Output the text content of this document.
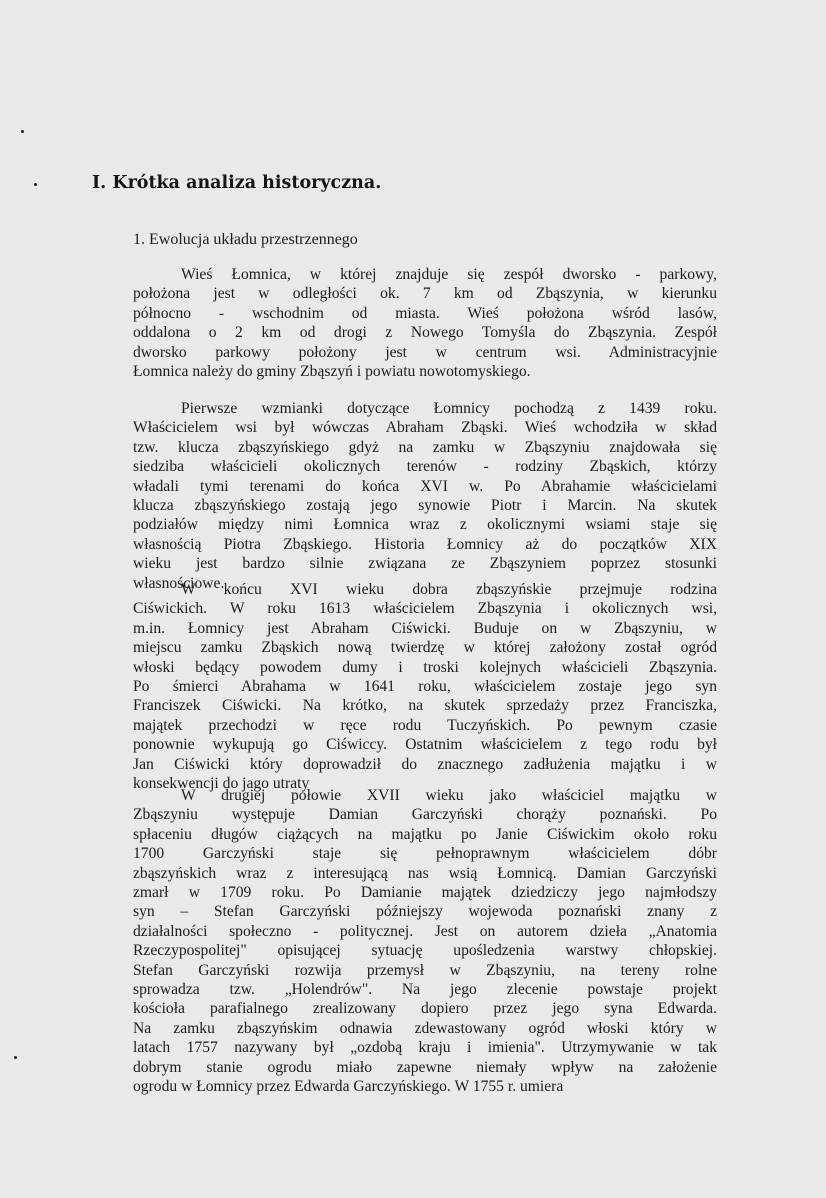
I. Krótka analiza historyczna.
1. Ewolucja układu przestrzennego
Wieś Łomnica, w której znajduje się zespół dworsko - parkowy,
położona jest w odległości ok. 7 km od Zbąszynia, w kierunku
północno - wschodnim od miasta. Wieś położona wśród lasów,
oddalona o 2 km od drogi z Nowego Tomyśla do Zbąszynia. Zespół
dworsko parkowy położony jest w centrum wsi. Administracyjnie
Łomnica należy do gminy Zbąszyń i powiatu nowotomyskiego.
Pierwsze wzmianki dotyczące Łomnicy pochodzą z 1439 roku.
Właścicielem wsi był wówczas Abraham Zbąski. Wieś wchodziła w skład
tzw. klucza zbąszyńskiego gdyż na zamku w Zbąszyniu znajdowała się
siedziba właścicieli okolicznych terenów - rodziny Zbąskich, którzy
władali tymi terenami do końca XVI w. Po Abrahamie właścicielami
klucza zbąszyńskiego zostają jego synowie Piotr i Marcin. Na skutek
podziałów między nimi Łomnica wraz z okolicznymi wsiami staje się
własnością Piotra Zbąskiego. Historia Łomnicy aż do początków XIX
wieku jest bardzo silnie związana ze Zbąszyniem poprzez stosunki
własnościowe.
W końcu XVI wieku dobra zbąszyńskie przejmuje rodzina
Ciświckich. W roku 1613 właścicielem Zbąszynia i okolicznych wsi,
m.in. Łomnicy jest Abraham Ciświcki. Buduje on w Zbąszyniu, w
miejscu zamku Zbąskich nową twierdzę w której założony został ogród
włoski będący powodem dumy i troski kolejnych właścicieli Zbąszynia.
Po śmierci Abrahama w 1641 roku, właścicielem zostaje jego syn
Franciszek Ciświcki. Na krótko, na skutek sprzedaży przez Franciszka,
majątek przechodzi w ręce rodu Tuczyńskich. Po pewnym czasie
ponownie wykupują go Ciświccy. Ostatnim właścicielem z tego rodu był
Jan Ciświcki który doprowadził do znacznego zadłużenia majątku i w
konsekwencji do jago utraty
W drugiej połowie XVII wieku jako właściciel majątku w
Zbąszyniu występuje Damian Garczyński chorąży poznański. Po
spłaceniu długów ciążących na majątku po Janie Ciświckim około roku
1700 Garczyński staje się pełnoprawnym właścicielem dóbr
zbąszyńskich wraz z interesującą nas wsią Łomnicą. Damian Garczyński
zmarł w 1709 roku. Po Damianie majątek dziedziczy jego najmłodszy
syn – Stefan Garczyński późniejszy wojewoda poznański znany z
działalności społeczno - politycznej. Jest on autorem dzieła „Anatomia
Rzeczypospolitej" opisującej sytuację upośledzenia warstwy chłopskiej.
Stefan Garczyński rozwija przemysł w Zbąszyniu, na tereny rolne
sprowadza tzw. „Holendrów". Na jego zlecenie powstaje projekt
kościoła parafialnego zrealizowany dopiero przez jego syna Edwarda.
Na zamku zbąszyńskim odnawia zdewastowany ogród włoski który w
latach 1757 nazywany był „ozdobą kraju i imienia". Utrzymywanie w tak
dobrym stanie ogrodu miało zapewne niemały wpływ na założenie
ogrodu w Łomnicy przez Edwarda Garczyńskiego. W 1755 r. umiera
